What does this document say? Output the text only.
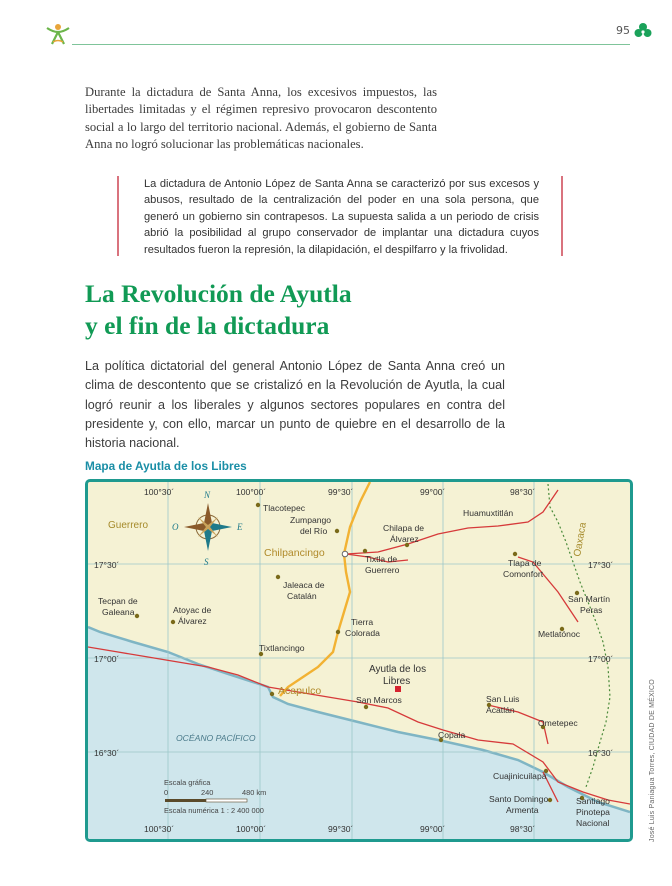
95

Durante la dictadura de Santa Anna, los excesivos impuestos, las libertades limitadas y el régimen represivo provocaron descontento social a lo largo del territorio nacional. Además, el gobierno de Santa Anna no logró solucionar las problemáticas nacionales.

La dictadura de Antonio López de Santa Anna se caracterizó por sus excesos y abusos, resultado de la centralización del poder en una sola persona, que generó un gobierno sin contrapesos. La supuesta salida a un periodo de crisis abrió la posibilidad al grupo conservador de implantar una dictadura cuyos resultados fueron la represión, la dilapidación, el despilfarro y la frivolidad.

La Revolución de Ayutla
y el fin de la dictadura

La política dictatorial del general Antonio López de Santa Anna creó un clima de descontento que se cristalizó en la Revolución de Ayutla, la cual logró reunir a los liberales y algunos sectores populares en contra del presidente y, con ello, marcar un punto de quiebre en el desarrollo de la historia nacional.

Mapa de Ayutla de los Libres
100°30´	100°00´	99°30´	99°00´	98°30´
100°30´	100°00´	99°30´	99°00´	98°30´
17°30´
17°00´
16°30´
17°30´
17°00´
16°30´
N
S
E
O
Guerrero	Oaxaca
OCÉANO PACÍFICO
Tlacotepec
Zumpango
del Río
Chilpancingo
Chilapa de
Álvarez
Tixtla de
Guerrero
Huamuxtitlán
Tlapa de
Comonfort
Jaleaca de
Catalán
Tecpan de
Galeana	Atoyac de
Álvarez	Tierra
Colorada
San Martín
Peras
Metlatónoc
Tixtlancingo
Ayutla de los
Libres
Acapulco
San Marcos	San Luis
Acatlán
Ometepec
Copala
Cuajinicuilapa
Santo Domingo
Armenta
Santiago
Pinotepa
Nacional
Escala gráfica
0	240	480 km
Escala numérica 1 : 2 400 000	José Luis Paniagua Torres, CIUDAD DE MÉXICO
